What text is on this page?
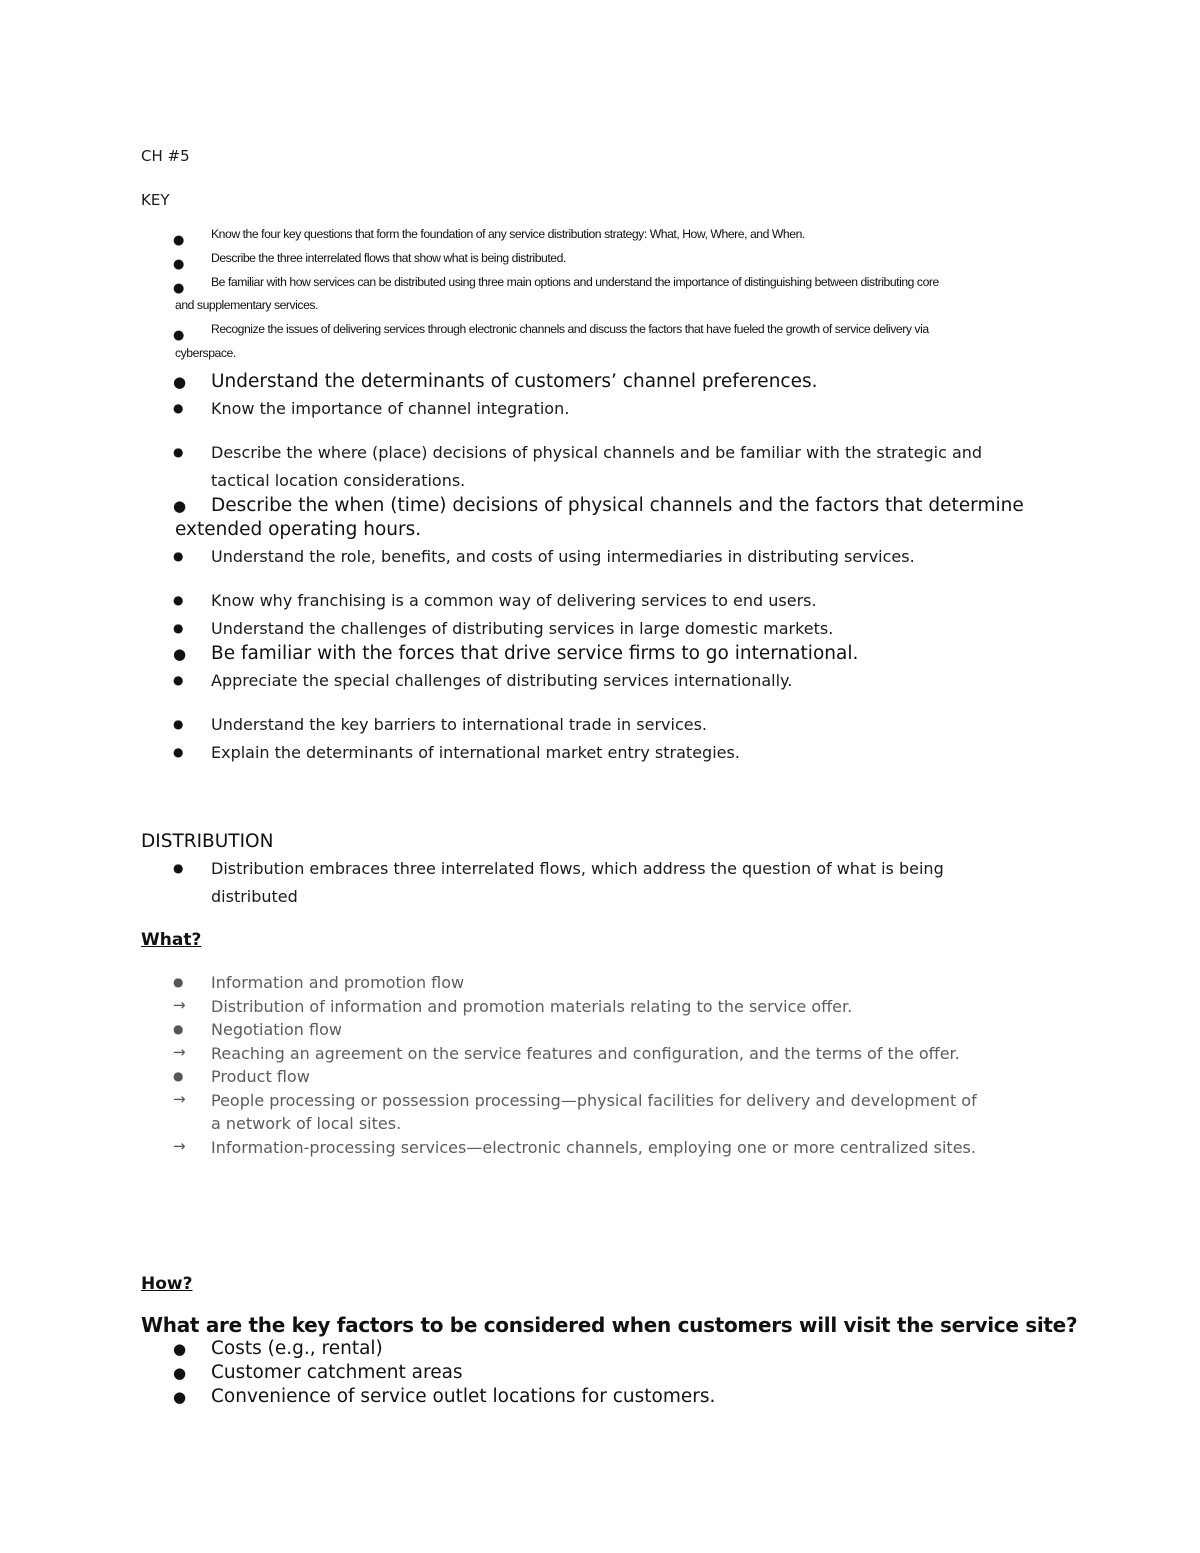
CH #5
KEY
● Know the four key questions that form the foundation of any service distribution strategy: What, How, Where, and When.
● Describe the three interrelated flows that show what is being distributed.
● Be familiar with how services can be distributed using three main options and understand the importance of distinguishing between distributing core
and supplementary services.
● Recognize the issues of delivering services through electronic channels and discuss the factors that have fueled the growth of service delivery via
cyberspace.
● Understand the determinants of customers’ channel preferences.
● Know the importance of channel integration.
● Describe the where (place) decisions of physical channels and be familiar with the strategic and
tactical location considerations.
● Describe the when (time) decisions of physical channels and the factors that determine
extended operating hours.
● Understand the role, benefits, and costs of using intermediaries in distributing services.
● Know why franchising is a common way of delivering services to end users.
● Understand the challenges of distributing services in large domestic markets.
● Be familiar with the forces that drive service firms to go international.
● Appreciate the special challenges of distributing services internationally.
● Understand the key barriers to international trade in services.
● Explain the determinants of international market entry strategies.
DISTRIBUTION
● Distribution embraces three interrelated flows, which address the question of what is being
distributed
What?
● Information and promotion flow
→ Distribution of information and promotion materials relating to the service offer.
● Negotiation flow
→ Reaching an agreement on the service features and configuration, and the terms of the offer.
● Product flow
→ People processing or possession processing—physical facilities for delivery and development of
a network of local sites.
→ Information-processing services—electronic channels, employing one or more centralized sites.
How?
What are the key factors to be considered when customers will visit the service site?
● Costs (e.g., rental)
● Customer catchment areas
● Convenience of service outlet locations for customers.
